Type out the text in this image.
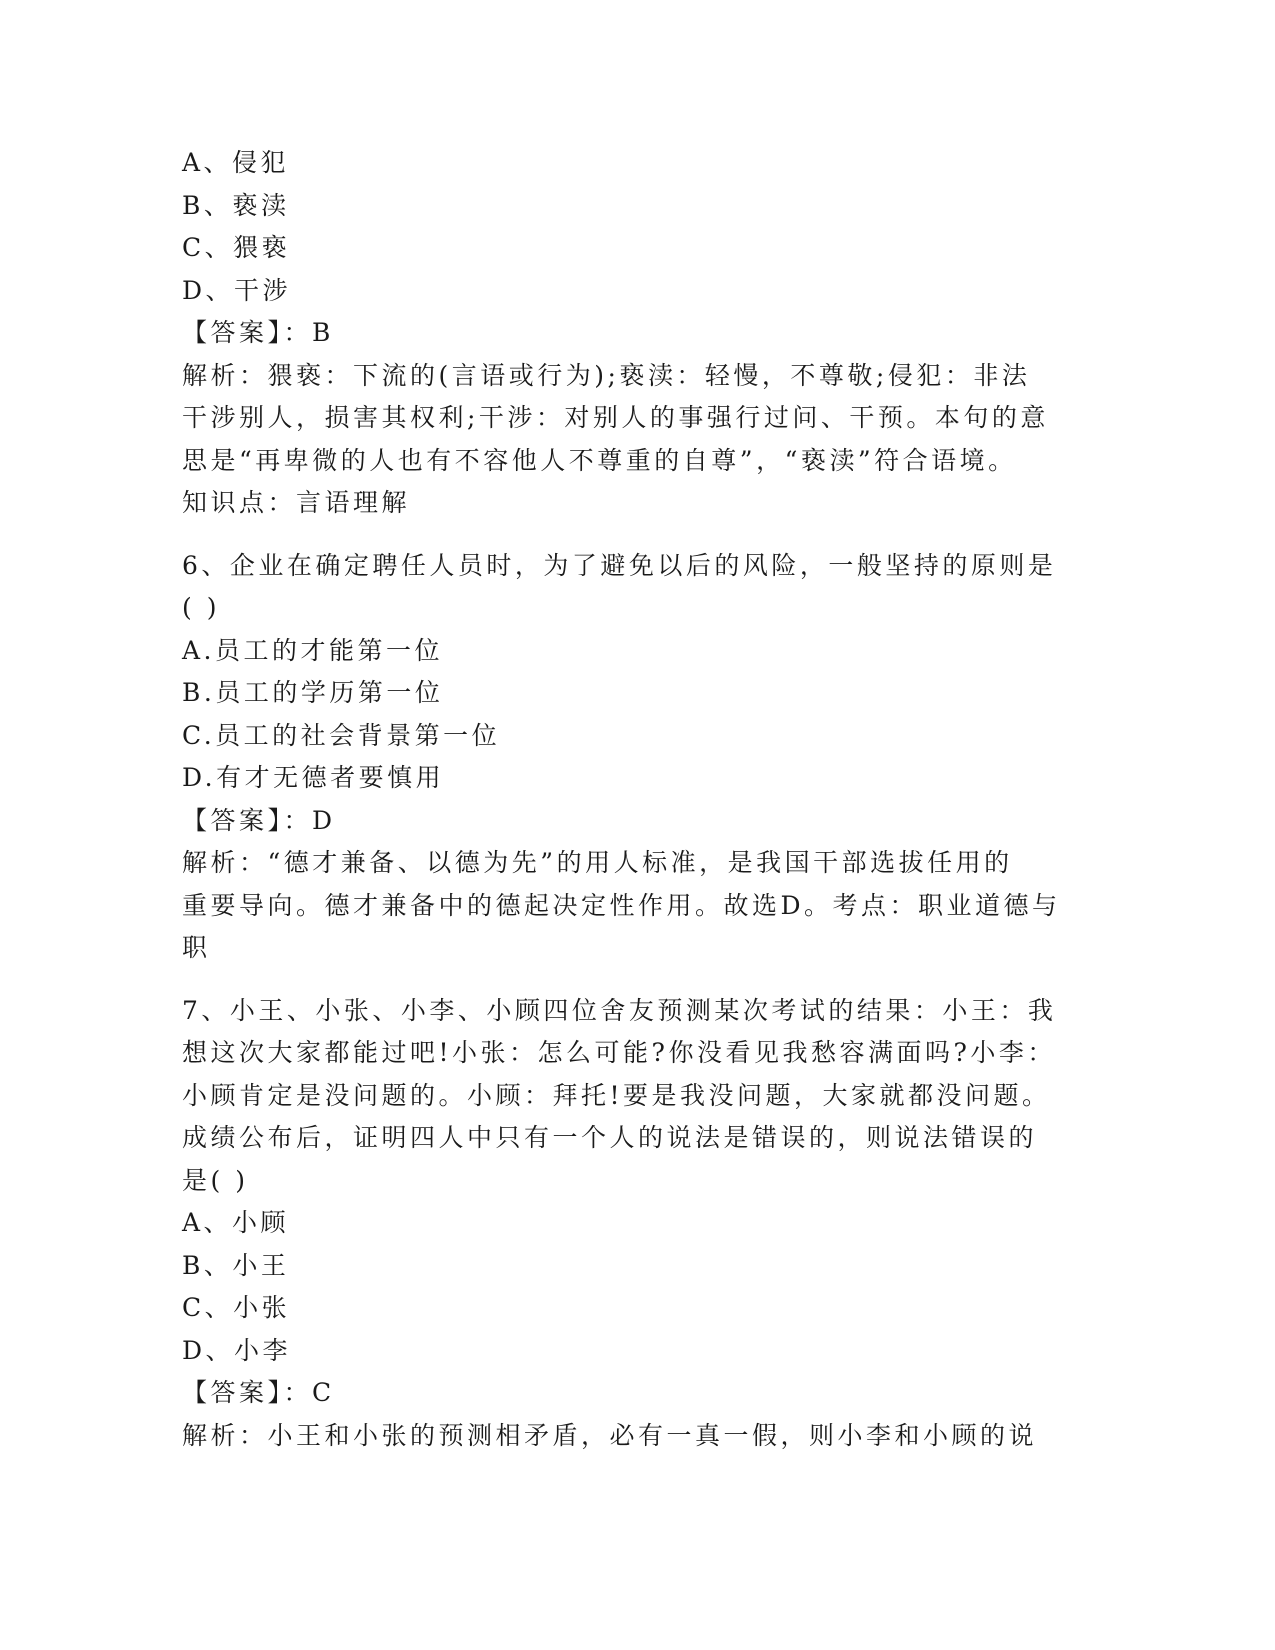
A、侵犯
B、亵渎
C、猥亵
D、干涉
【答案】：B
解析：猥亵：下流的(言语或行为);亵渎：轻慢，不尊敬;侵犯：非法
干涉别人，损害其权利;干涉：对别人的事强行过问、干预。本句的意
思是“再卑微的人也有不容他人不尊重的自尊”，“亵渎”符合语境。
知识点：言语理解
6、企业在确定聘任人员时，为了避免以后的风险，一般坚持的原则是
( )
A.员工的才能第一位
B.员工的学历第一位
C.员工的社会背景第一位
D.有才无德者要慎用
【答案】：D
解析：“德才兼备、以德为先”的用人标准，是我国干部选拔任用的
重要导向。德才兼备中的德起决定性作用。故选D。考点：职业道德与
职
7、小王、小张、小李、小顾四位舍友预测某次考试的结果：小王：我
想这次大家都能过吧!小张：怎么可能?你没看见我愁容满面吗?小李：
小顾肯定是没问题的。小顾：拜托!要是我没问题，大家就都没问题。
成绩公布后，证明四人中只有一个人的说法是错误的，则说法错误的
是( )
A、小顾
B、小王
C、小张
D、小李
【答案】：C
解析：小王和小张的预测相矛盾，必有一真一假，则小李和小顾的说
